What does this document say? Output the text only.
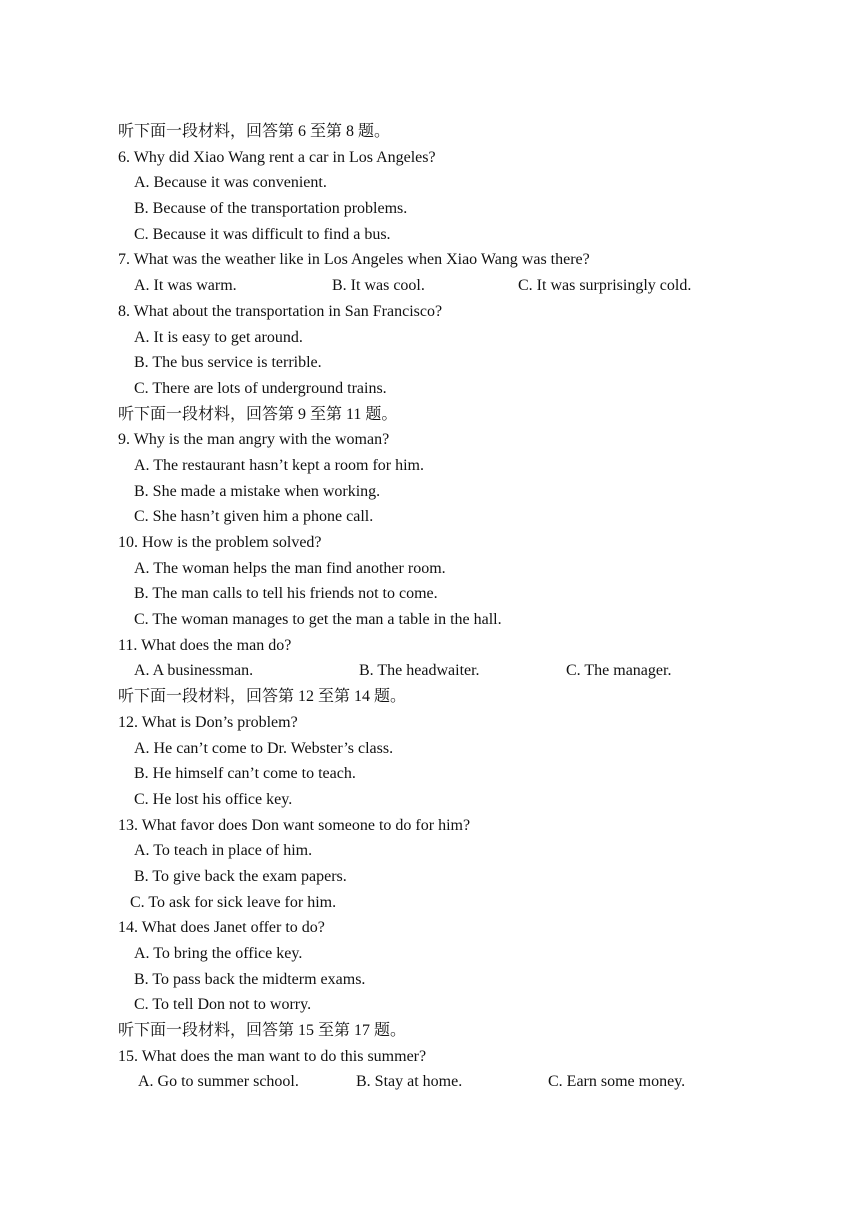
听下面一段材料，回答第 6 至第 8 题。
6. Why did Xiao Wang rent a car in Los Angeles?
A. Because it was convenient.
B. Because of the transportation problems.
C. Because it was difficult to find a bus.
7. What was the weather like in Los Angeles when Xiao Wang was there?
A. It was warm.	B. It was cool.	C. It was surprisingly cold.
8. What about the transportation in San Francisco?
A. It is easy to get around.
B. The bus service is terrible.
C. There are lots of underground trains.
听下面一段材料，回答第 9 至第 11 题。
9. Why is the man angry with the woman?
A. The restaurant hasn’t kept a room for him.
B. She made a mistake when working.
C. She hasn’t given him a phone call.
10. How is the problem solved?
A. The woman helps the man find another room.
B. The man calls to tell his friends not to come.
C. The woman manages to get the man a table in the hall.
11. What does the man do?
A. A businessman.	B. The headwaiter.	C. The manager.
听下面一段材料，回答第 12 至第 14 题。
12. What is Don’s problem?
A. He can’t come to Dr. Webster’s class.
B. He himself can’t come to teach.
C. He lost his office key.
13. What favor does Don want someone to do for him?
A. To teach in place of him.
B. To give back the exam papers.
C. To ask for sick leave for him.
14. What does Janet offer to do?
A. To bring the office key.
B. To pass back the midterm exams.
C. To tell Don not to worry.
听下面一段材料，回答第 15 至第 17 题。
15. What does the man want to do this summer?
A. Go to summer school.	B. Stay at home.	C. Earn some money.
